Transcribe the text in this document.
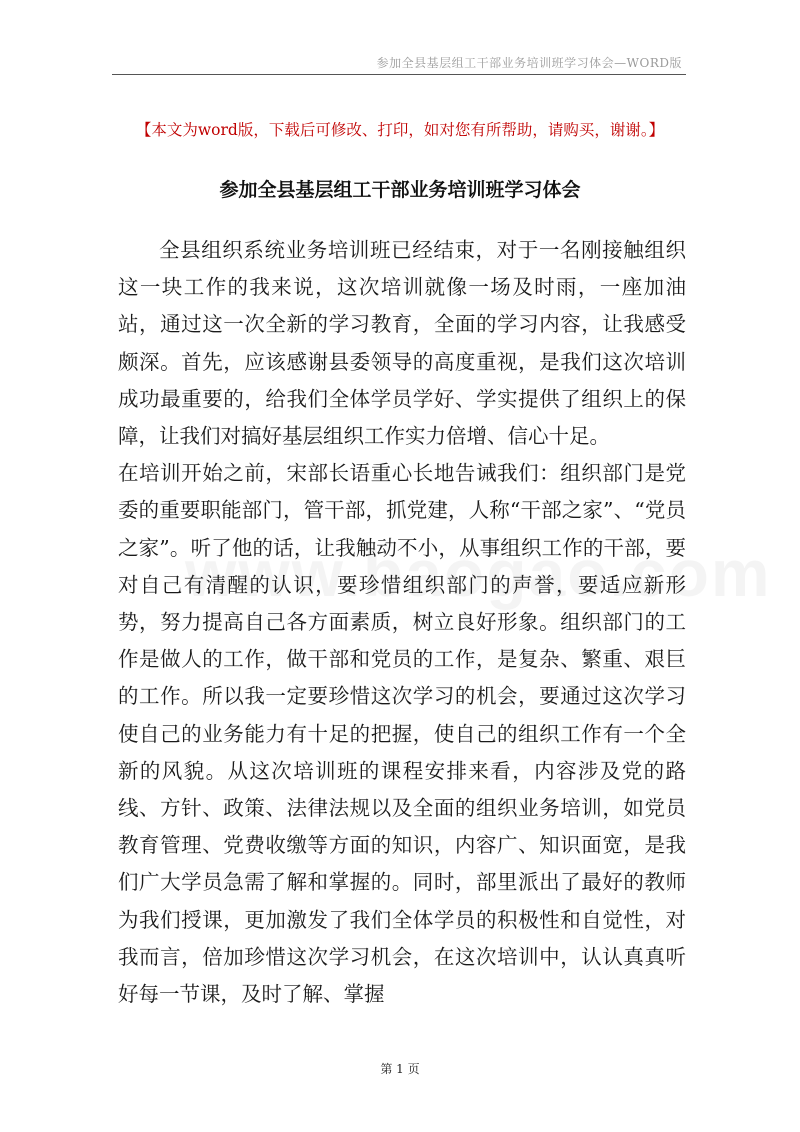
参加全县基层组工干部业务培训班学习体会—WORD版
【本文为word版，下载后可修改、打印，如对您有所帮助，请购买，谢谢。】
参加全县基层组工干部业务培训班学习体会

全县组织系统业务培训班已经结束，对于一名刚接触组织这一块工作的我来说，这次培训就像一场及时雨，一座加油站，通过这一次全新的学习教育，全面的学习内容，让我感受颇深。首先，应该感谢县委领导的高度重视，是我们这次培训成功最重要的，给我们全体学员学好、学实提供了组织上的保障，让我们对搞好基层组织工作实力倍增、信心十足。

在培训开始之前，宋部长语重心长地告诫我们：组织部门是党委的重要职能部门，管干部，抓党建，人称“干部之家”、“党员之家”。听了他的话，让我触动不小，从事组织工作的干部，要对自己有清醒的认识，要珍惜组织部门的声誉，要适应新形势，努力提高自己各方面素质，树立良好形象。组织部门的工作是做人的工作，做干部和党员的工作，是复杂、繁重、艰巨的工作。所以我一定要珍惜这次学习的机会，要通过这次学习使自己的业务能力有十足的把握，使自己的组织工作有一个全新的风貌。从这次培训班的课程安排来看，内容涉及党的路线、方针、政策、法律法规以及全面的组织业务培训，如党员教育管理、党费收缴等方面的知识，内容广、知识面宽，是我们广大学员急需了解和掌握的。同时，部里派出了最好的教师为我们授课，更加激发了我们全体学员的积极性和自觉性，对我而言，倍加珍惜这次学习机会，在这次培训中，认认真真听好每一节课，及时了解、掌握

第 1 页
